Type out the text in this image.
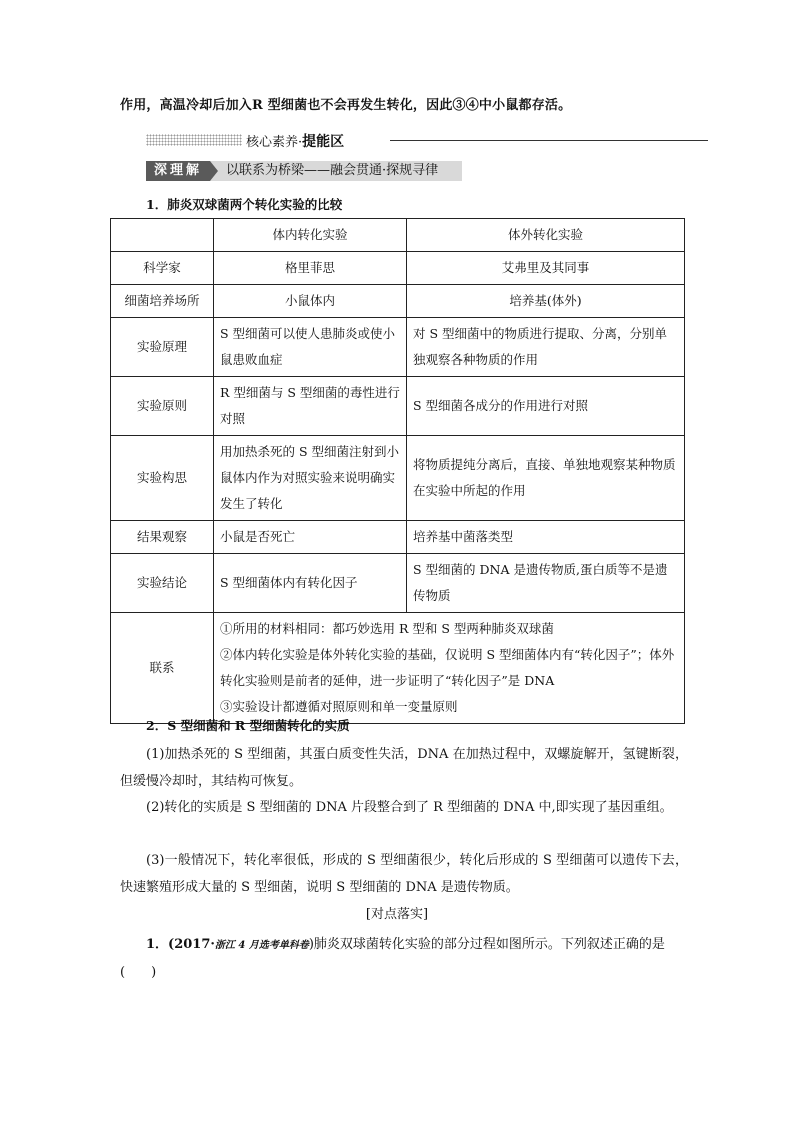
作用，高温冷却后加入R 型细菌也不会再发生转化，因此③④中小鼠都存活。
核心素养·提能区
深理解	以联系为桥梁——融会贯通·探规寻律
1．肺炎双球菌两个转化实验的比较
	体内转化实验	体外转化实验
科学家	格里菲思	艾弗里及其同事
细菌培养场所	小鼠体内	培养基(体外)
实验原理	S 型细菌可以使人患肺炎或使小鼠患败血症	对 S 型细菌中的物质进行提取、分离，分别单独观察各种物质的作用
实验原则	R 型细菌与 S 型细菌的毒性进行对照	S 型细菌各成分的作用进行对照
实验构思	用加热杀死的 S 型细菌注射到小鼠体内作为对照实验来说明确实发生了转化	将物质提纯分离后，直接、单独地观察某种物质在实验中所起的作用
结果观察	小鼠是否死亡	培养基中菌落类型
实验结论	S 型细菌体内有转化因子	S 型细菌的 DNA 是遗传物质,蛋白质等不是遗传物质
联系	①所用的材料相同：都巧妙选用 R 型和 S 型两种肺炎双球菌
②体内转化实验是体外转化实验的基础，仅说明 S 型细菌体内有“转化因子”；体外转化实验则是前者的延伸，进一步证明了“转化因子”是 DNA
③实验设计都遵循对照原则和单一变量原则	
2．S 型细菌和 R 型细菌转化的实质
(1)加热杀死的 S 型细菌，其蛋白质变性失活，DNA 在加热过程中，双螺旋解开，氢键断裂，但缓慢冷却时，其结构可恢复。
(2)转化的实质是 S 型细菌的 DNA 片段整合到了 R 型细菌的 DNA 中,即实现了基因重组。
(3)一般情况下，转化率很低，形成的 S 型细菌很少，转化后形成的 S 型细菌可以遗传下去，快速繁殖形成大量的 S 型细菌，说明 S 型细菌的 DNA 是遗传物质。
[对点落实]
1．(2017·浙江 4 月选考单科卷)肺炎双球菌转化实验的部分过程如图所示。下列叙述正确的是(　　)
